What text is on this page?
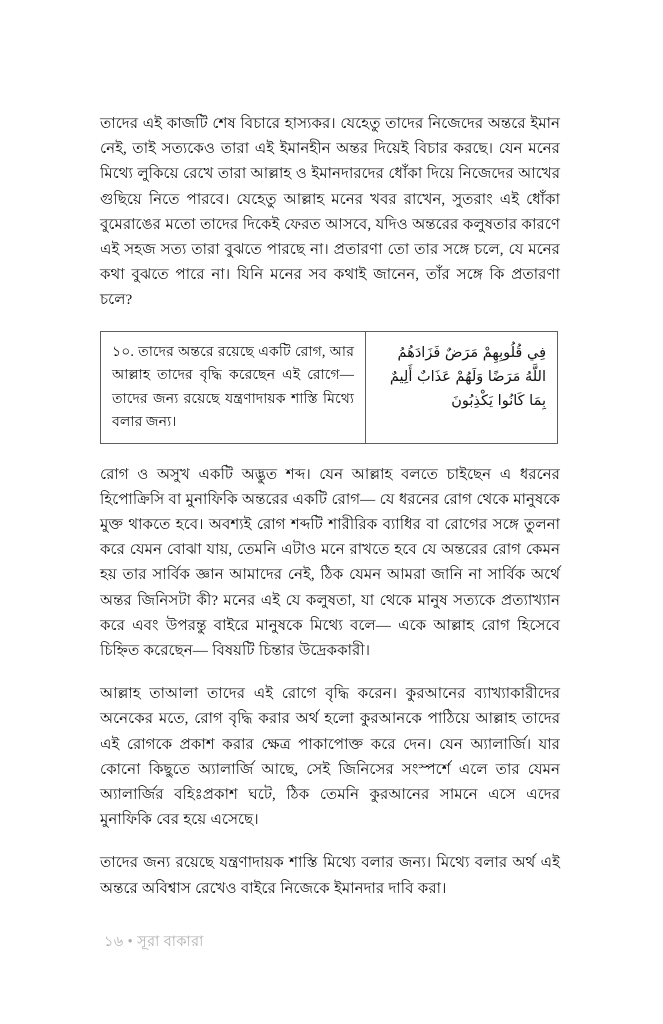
তাদের এই কাজটি শেষ বিচারে হাস্যকর। যেহেতু তাদের নিজেদের অন্তরে ইমান নেই, তাই সত্যকেও তারা এই ইমানহীন অন্তর দিয়েই বিচার করছে। যেন মনের মিথ্যে লুকিয়ে রেখে তারা আল্লাহ ও ইমানদারদের ধোঁকা দিয়ে নিজেদের আখের গুছিয়ে নিতে পারবে। যেহেতু আল্লাহ মনের খবর রাখেন, সুতরাং এই ধোঁকা বুমেরাঙের মতো তাদের দিকেই ফেরত আসবে, যদিও অন্তরের কলুষতার কারণে এই সহজ সত্য তারা বুঝতে পারছে না। প্রতারণা তো তার সঙ্গে চলে, যে মনের কথা বুঝতে পারে না। যিনি মনের সব কথাই জানেন, তাঁর সঙ্গে কি প্রতারণা চলে?

১০. তাদের অন্তরে রয়েছে একটি রোগ, আর আল্লাহ তাদের বৃদ্ধি করেছেন এই রোগে— তাদের জন্য রয়েছে যন্ত্রণাদায়ক শাস্তি মিথ্যে বলার জন্য।
فِي قُلُوبِهِمْ مَرَضٌ فَزَادَهُمُ اللَّهُ مَرَضًا وَلَهُمْ عَذَابٌ أَلِيمٌ بِمَا كَانُوا يَكْذِبُونَ

রোগ ও অসুখ একটি অদ্ভুত শব্দ। যেন আল্লাহ বলতে চাইছেন এ ধরনের হিপোক্রিসি বা মুনাফিকি অন্তরের একটি রোগ— যে ধরনের রোগ থেকে মানুষকে মুক্ত থাকতে হবে। অবশ্যই রোগ শব্দটি শারীরিক ব্যাধির বা রোগের সঙ্গে তুলনা করে যেমন বোঝা যায়, তেমনি এটাও মনে রাখতে হবে যে অন্তরের রোগ কেমন হয় তার সার্বিক জ্ঞান আমাদের নেই, ঠিক যেমন আমরা জানি না সার্বিক অর্থে অন্তর জিনিসটা কী? মনের এই যে কলুষতা, যা থেকে মানুষ সত্যকে প্রত্যাখ্যান করে এবং উপরন্তু বাইরে মানুষকে মিথ্যে বলে— একে আল্লাহ রোগ হিসেবে চিহ্নিত করেছেন— বিষয়টি চিন্তার উদ্রেককারী।

আল্লাহ তাআলা তাদের এই রোগে বৃদ্ধি করেন। কুরআনের ব্যাখ্যাকারীদের অনেকের মতে, রোগ বৃদ্ধি করার অর্থ হলো কুরআনকে পাঠিয়ে আল্লাহ তাদের এই রোগকে প্রকাশ করার ক্ষেত্র পাকাপোক্ত করে দেন। যেন অ্যালার্জি। যার কোনো কিছুতে অ্যালার্জি আছে, সেই জিনিসের সংস্পর্শে এলে তার যেমন অ্যালার্জির বহিঃপ্রকাশ ঘটে, ঠিক তেমনি কুরআনের সামনে এসে এদের মুনাফিকি বের হয়ে এসেছে।

তাদের জন্য রয়েছে যন্ত্রণাদায়ক শাস্তি মিথ্যে বলার জন্য। মিথ্যে বলার অর্থ এই অন্তরে অবিশ্বাস রেখেও বাইরে নিজেকে ইমানদার দাবি করা।

১৬ • সূরা বাকারা
